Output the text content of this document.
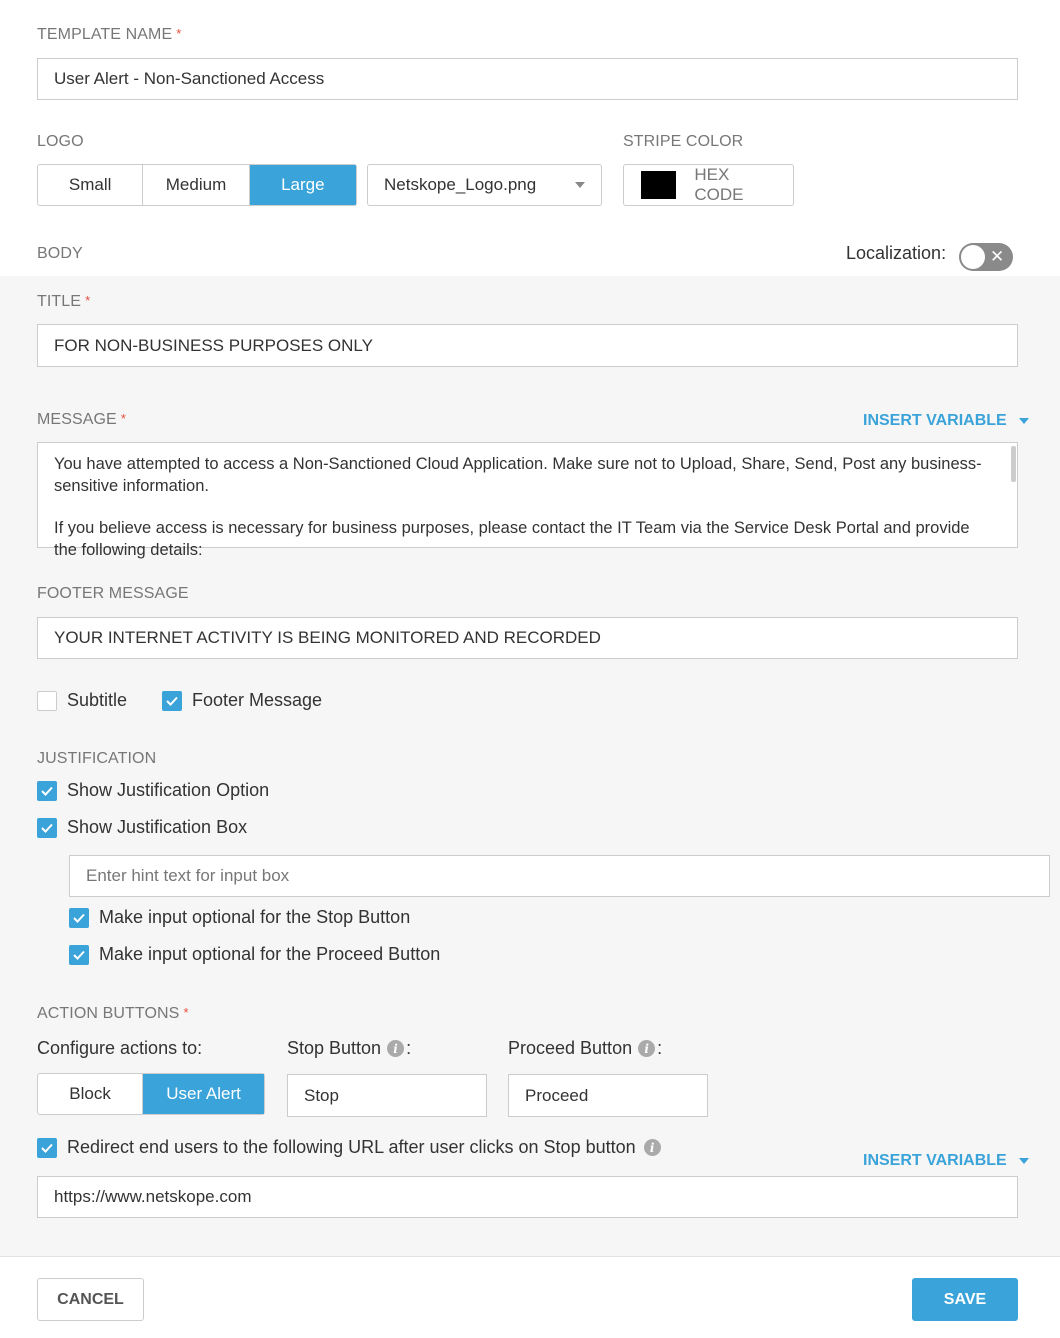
TEMPLATE NAME *
User Alert - Non-Sanctioned Access
LOGO
Small	Medium	Large	Netskope_Logo.png
STRIPE COLOR
HEX CODE
BODY	Localization:	✕
TITLE *
FOR NON-BUSINESS PURPOSES ONLY
MESSAGE *	INSERT VARIABLE
You have attempted to access a Non-Sanctioned Cloud Application. Make sure not to Upload, Share, Send, Post any business-sensitive information.
If you believe access is necessary for business purposes, please contact the IT Team via the Service Desk Portal and provide the following details:
FOOTER MESSAGE
YOUR INTERNET ACTIVITY IS BEING MONITORED AND RECORDED
Subtitle	Footer Message
JUSTIFICATION
Show Justification Option
Show Justification Box
Enter hint text for input box
Make input optional for the Stop Button
Make input optional for the Proceed Button
ACTION BUTTONS *
Configure actions to:	Stop Button	i :	Proceed Button	i :
Block	User Alert	Stop	Proceed
Redirect end users to the following URL after user clicks on Stop button	i
INSERT VARIABLE
https://www.netskope.com
CANCEL	SAVE
